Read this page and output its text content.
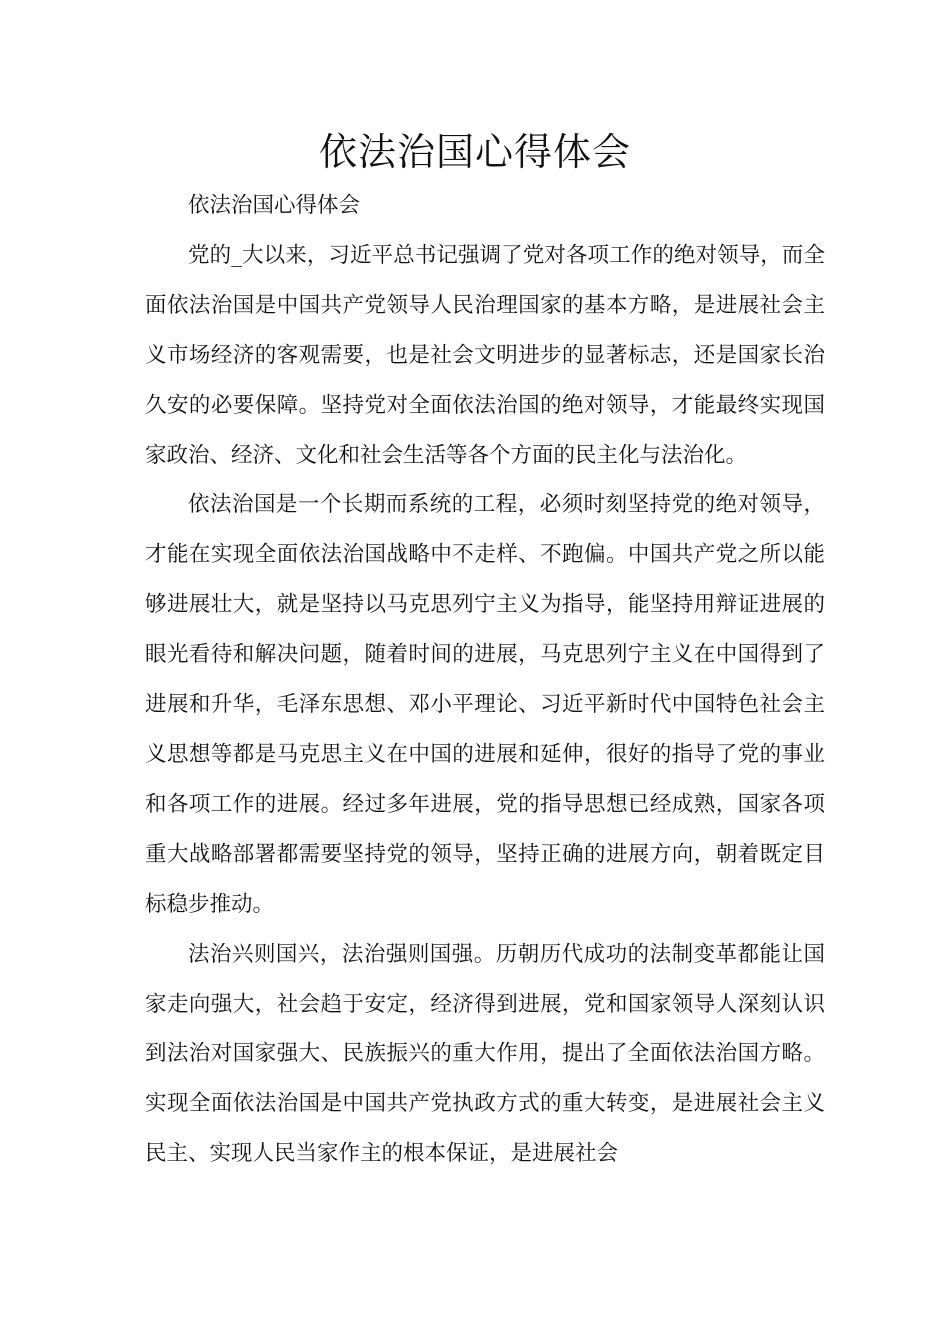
依法治国心得体会

依法治国心得体会

党的_大以来，习近平总书记强调了党对各项工作的绝对领导，而全面依法治国是中国共产党领导人民治理国家的基本方略，是进展社会主义市场经济的客观需要，也是社会文明进步的显著标志，还是国家长治久安的必要保障。坚持党对全面依法治国的绝对领导，才能最终实现国家政治、经济、文化和社会生活等各个方面的民主化与法治化。

依法治国是一个长期而系统的工程，必须时刻坚持党的绝对领导，才能在实现全面依法治国战略中不走样、不跑偏。中国共产党之所以能够进展壮大，就是坚持以马克思列宁主义为指导，能坚持用辩证进展的眼光看待和解决问题，随着时间的进展，马克思列宁主义在中国得到了进展和升华，毛泽东思想、邓小平理论、习近平新时代中国特色社会主义思想等都是马克思主义在中国的进展和延伸，很好的指导了党的事业和各项工作的进展。经过多年进展，党的指导思想已经成熟，国家各项重大战略部署都需要坚持党的领导，坚持正确的进展方向，朝着既定目标稳步推动。

法治兴则国兴，法治强则国强。历朝历代成功的法制变革都能让国家走向强大，社会趋于安定，经济得到进展，党和国家领导人深刻认识到法治对国家强大、民族振兴的重大作用，提出了全面依法治国方略。实现全面依法治国是中国共产党执政方式的重大转变，是进展社会主义民主、实现人民当家作主的根本保证，是进展社会
